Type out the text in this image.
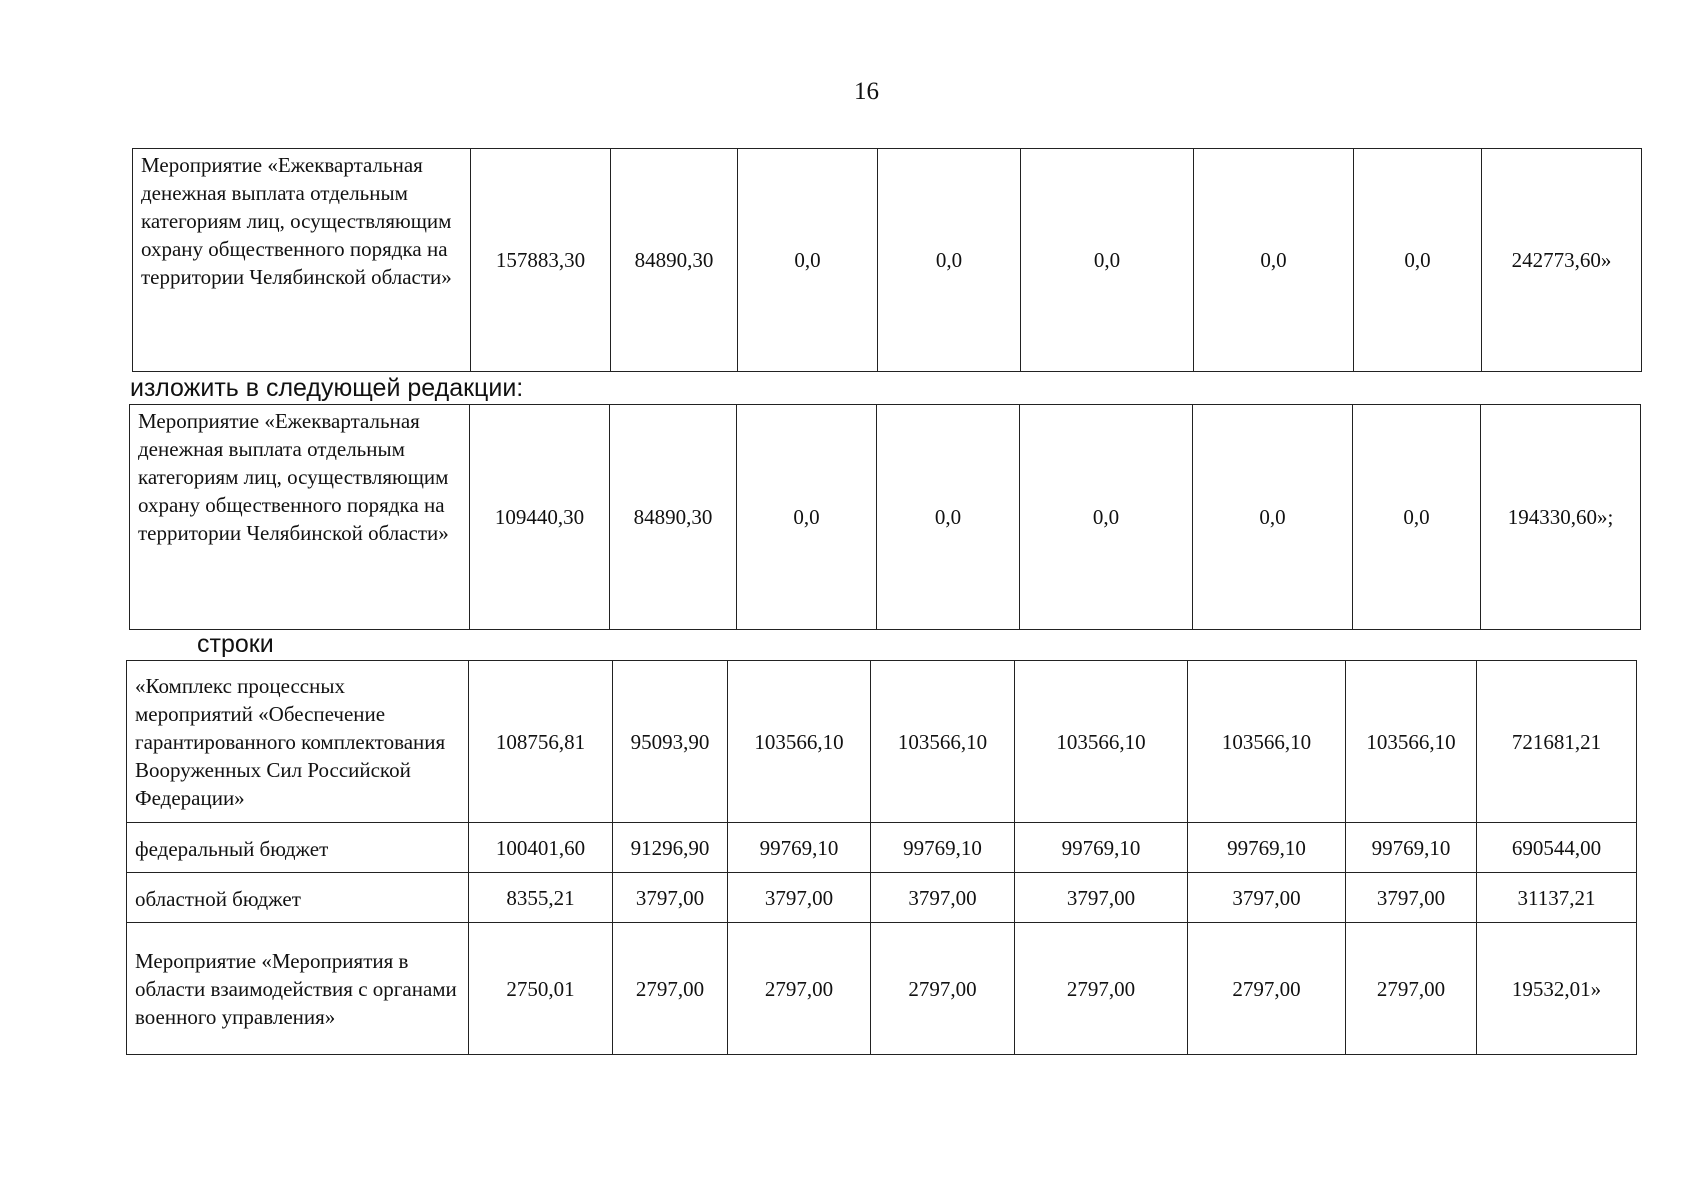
16
Мероприятие «Ежеквартальная денежная выплата отдельным категориям лиц, осуществляющим охрану общественного порядка на территории Челябинской области»	157883,30	84890,30	0,0	0,0	0,0	0,0	0,0	242773,60»
изложить в следующей редакции:
Мероприятие «Ежеквартальная денежная выплата отдельным категориям лиц, осуществляющим охрану общественного порядка на территории Челябинской области»	109440,30	84890,30	0,0	0,0	0,0	0,0	0,0	194330,60»;
строки
«Комплекс процессных мероприятий «Обеспечение гарантированного комплектования Вооруженных Сил Российской Федерации»	108756,81	95093,90	103566,10	103566,10	103566,10	103566,10	103566,10	721681,21
федеральный бюджет	100401,60	91296,90	99769,10	99769,10	99769,10	99769,10	99769,10	690544,00
областной бюджет	8355,21	3797,00	3797,00	3797,00	3797,00	3797,00	3797,00	31137,21
Мероприятие «Мероприятия в области взаимодействия с органами военного управления»	2750,01	2797,00	2797,00	2797,00	2797,00	2797,00	2797,00	19532,01»
